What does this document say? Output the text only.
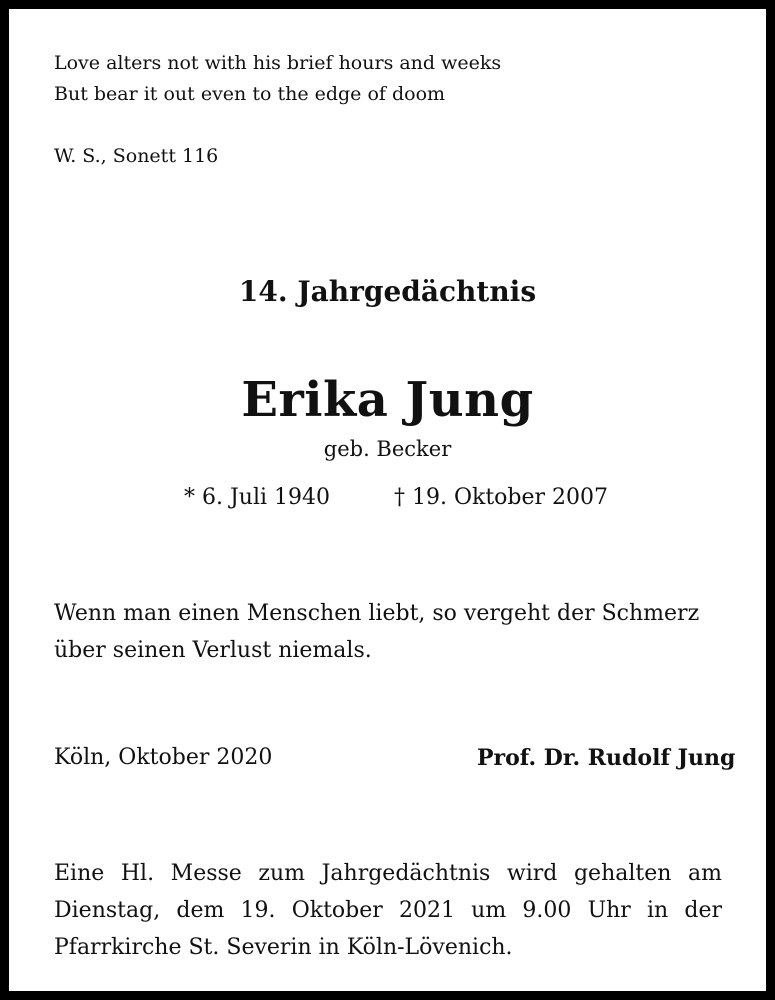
Love alters not with his brief hours and weeks
But bear it out even to the edge of doom
W. S., Sonett 116
14. Jahrgedächtnis
Erika Jung
geb. Becker
* 6. Juli 1940	† 19. Oktober 2007
Wenn man einen Menschen liebt, so vergeht der Schmerz über seinen Verlust niemals.
Köln, Oktober 2020	Prof. Dr. Rudolf Jung
Eine Hl. Messe zum Jahrgedächtnis wird gehalten am Dienstag, dem 19. Oktober 2021 um 9.00 Uhr in der Pfarrkirche St. Severin in Köln-Lövenich.
